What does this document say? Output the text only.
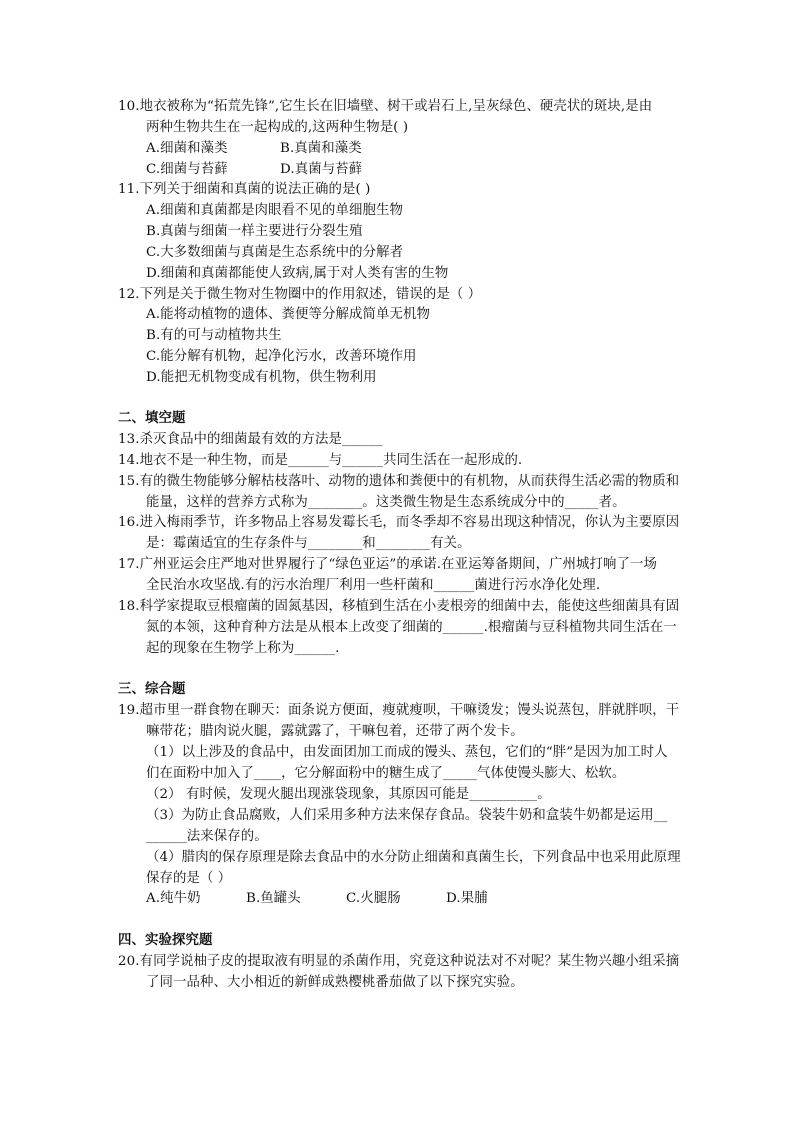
10.地衣被称为“拓荒先锋”,它生长在旧墙壁、树干或岩石上,呈灰绿色、硬壳状的斑块,是由
两种生物共生在一起构成的,这两种生物是( )
A.细菌和藻类	B.真菌和藻类
C.细菌与苔藓	D.真菌与苔藓
11.下列关于细菌和真菌的说法正确的是( )
A.细菌和真菌都是肉眼看不见的单细胞生物
B.真菌与细菌一样主要进行分裂生殖
C.大多数细菌与真菌是生态系统中的分解者
D.细菌和真菌都能使人致病,属于对人类有害的生物
12.下列是关于微生物对生物圈中的作用叙述，错误的是（ ）
A.能将动植物的遗体、粪便等分解成简单无机物
B.有的可与动植物共生
C.能分解有机物，起净化污水，改善环境作用
D.能把无机物变成有机物，供生物利用
二、填空题
13.杀灭食品中的细菌最有效的方法是______
14.地衣不是一种生物，而是______与______共同生活在一起形成的.
15.有的微生物能够分解枯枝落叶、动物的遗体和粪便中的有机物，从而获得生活必需的物质和
能量，这样的营养方式称为________。这类微生物是生态系统成分中的_____者。
16.进入梅雨季节，许多物品上容易发霉长毛，而冬季却不容易出现这种情况，你认为主要原因
是：霉菌适宜的生存条件与________和________有关。
17.广州亚运会庄严地对世界履行了“绿色亚运”的承诺.在亚运筹备期间，广州城打响了一场
全民治水攻坚战.有的污水治理厂利用一些杆菌和______菌进行污水净化处理.
18.科学家提取豆根瘤菌的固氮基因，移植到生活在小麦根旁的细菌中去，能使这些细菌具有固
氮的本领，这种育种方法是从根本上改变了细菌的______.根瘤菌与豆科植物共同生活在一
起的现象在生物学上称为______.
三、综合题
19.超市里一群食物在聊天：面条说方便面，瘦就瘦呗，干嘛烫发；馒头说蒸包，胖就胖呗，干
嘛带花；腊肉说火腿，露就露了，干嘛包着，还带了两个发卡。
（1）以上涉及的食品中，由发面团加工而成的馒头、蒸包，它们的“胖”是因为加工时人
们在面粉中加入了____，它分解面粉中的糖生成了_____气体使馒头膨大、松软。
（2） 有时候，发现火腿出现涨袋现象，其原因可能是__________。
（3）为防止食品腐败，人们采用多种方法来保存食品。袋装牛奶和盒装牛奶都是运用__
______法来保存的。
（4）腊肉的保存原理是除去食品中的水分防止细菌和真菌生长，下列食品中也采用此原理
保存的是（ ）
A.纯牛奶	B.鱼罐头	C.火腿肠	D.果脯
四、实验探究题
20.有同学说柚子皮的提取液有明显的杀菌作用，究竟这种说法对不对呢？某生物兴趣小组采摘
了同一品种、大小相近的新鲜成熟樱桃番茄做了以下探究实验。
